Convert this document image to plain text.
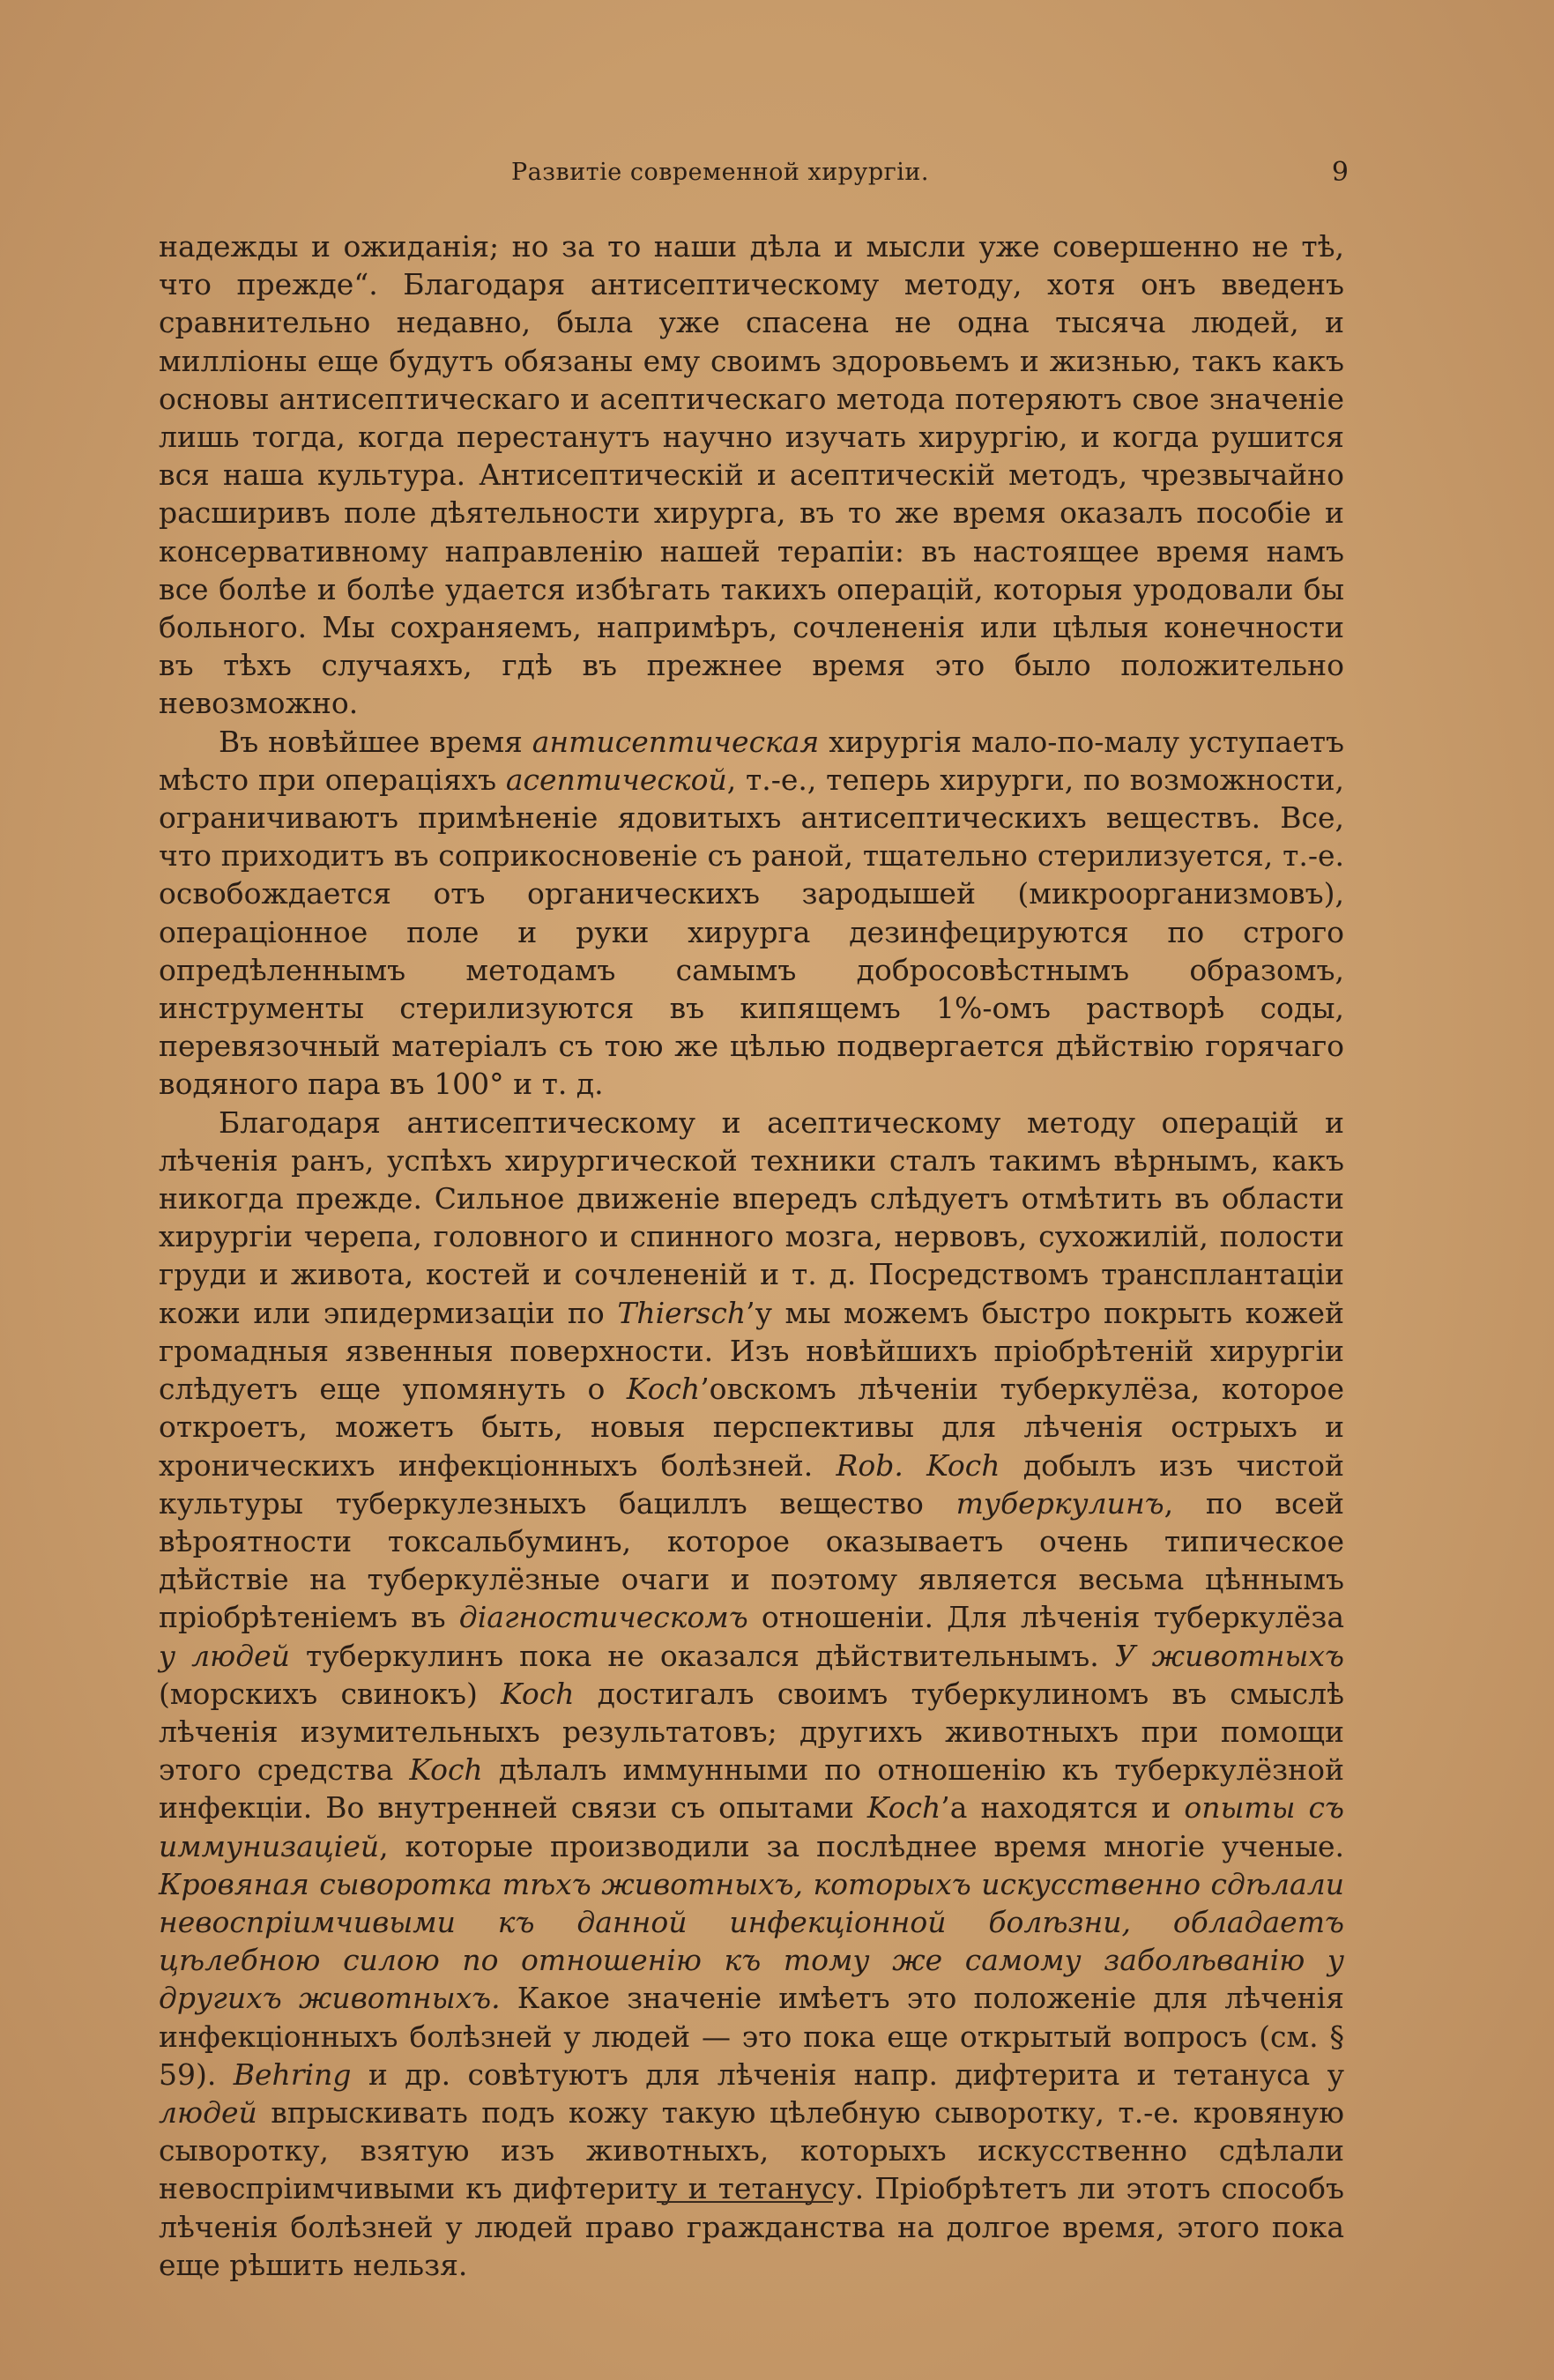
Развитіе современной хирургіи.	9

надежды и ожиданія; но за то наши дѣла и мысли уже совершенно не тѣ, что прежде“. Благодаря антисептическому методу, хотя онъ введенъ сравнительно недавно, была уже спасена не одна тысяча людей, и милліоны еще будутъ обязаны ему своимъ здоровьемъ и жизнью, такъ какъ основы антисептическаго и асептическаго метода потеряютъ свое значеніе лишь тогда, когда перестанутъ научно изучать хирургію, и когда рушится вся наша культура. Антисептическій и асептическій методъ, чрезвычайно расширивъ поле дѣятельности хирурга, въ то же время оказалъ пособіе и консервативному направленію нашей терапіи: въ настоящее время намъ все болѣе и болѣе удается избѣгать такихъ операцій, которыя уродовали бы больного. Мы сохраняемъ, напримѣръ, сочлененія или цѣлыя конечности въ тѣхъ случаяхъ, гдѣ въ прежнее время это было положительно невозможно.

Въ новѣйшее время антисептическая хирургія мало-по-малу уступаетъ мѣсто при операціяхъ асептической, т.-е., теперь хирурги, по возможности, ограничиваютъ примѣненіе ядовитыхъ антисептическихъ веществъ. Все, что приходитъ въ соприкосновеніе съ раной, тщательно стерилизуется, т.-е. освобождается отъ органическихъ зародышей (микроорганизмовъ), операціонное поле и руки хирурга дезинфецируются по строго опредѣленнымъ методамъ самымъ добросовѣстнымъ образомъ, инструменты стерилизуются въ кипящемъ 1%-омъ растворѣ соды, перевязочный матеріалъ съ тою же цѣлью подвергается дѣйствію горячаго водяного пара въ 100° и т. д.

Благодаря антисептическому и асептическому методу операцій и лѣченія ранъ, успѣхъ хирургической техники сталъ такимъ вѣрнымъ, какъ никогда прежде. Сильное движеніе впередъ слѣдуетъ отмѣтить въ области хирургіи черепа, головного и спинного мозга, нервовъ, сухожилій, полости груди и живота, костей и сочлененій и т. д. Посредствомъ трансплантаціи кожи или эпидермизаціи по Thiersch’у мы можемъ быстро покрыть кожей громадныя язвенныя поверхности. Изъ новѣйшихъ пріобрѣтеній хирургіи слѣдуетъ еще упомянуть о Koch’овскомъ лѣченіи туберкулёза, которое откроетъ, можетъ быть, новыя перспективы для лѣченія острыхъ и хроническихъ инфекціонныхъ болѣзней. Rob. Koch добылъ изъ чистой культуры туберкулезныхъ бациллъ вещество туберкулинъ, по всей вѣроятности токсальбуминъ, которое оказываетъ очень типическое дѣйствіе на туберкулёзные очаги и поэтому является весьма цѣннымъ пріобрѣтеніемъ въ діагностическомъ отношеніи. Для лѣченія туберкулёза у людей туберкулинъ пока не оказался дѣйствительнымъ. У животныхъ (морскихъ свинокъ) Koch достигалъ своимъ туберкулиномъ въ смыслѣ лѣченія изумительныхъ результатовъ; другихъ животныхъ при помощи этого средства Koch дѣлалъ иммунными по отношенію къ туберкулёзной инфекціи. Во внутренней связи съ опытами Koch’а находятся и опыты съ иммунизаціей, которые производили за послѣднее время многіе ученые. Кровяная сыворотка тѣхъ животныхъ, которыхъ искусственно сдѣлали невоспріимчивыми къ данной инфекціонной болѣзни, обладаетъ цѣлебною силою по отношенію къ тому же самому заболѣванію у другихъ животныхъ. Какое значеніе имѣетъ это положеніе для лѣченія инфекціонныхъ болѣзней у людей — это пока еще открытый вопросъ (см. § 59). Behring и др. совѣтуютъ для лѣченія напр. дифтерита и тетануса у людей впрыскивать подъ кожу такую цѣлебную сыворотку, т.-е. кровяную сыворотку, взятую изъ животныхъ, которыхъ искусственно сдѣлали невоспріимчивыми къ дифтериту и тетанусу. Пріобрѣтетъ ли этотъ способъ лѣченія болѣзней у людей право гражданства на долгое время, этого пока еще рѣшить нельзя.
